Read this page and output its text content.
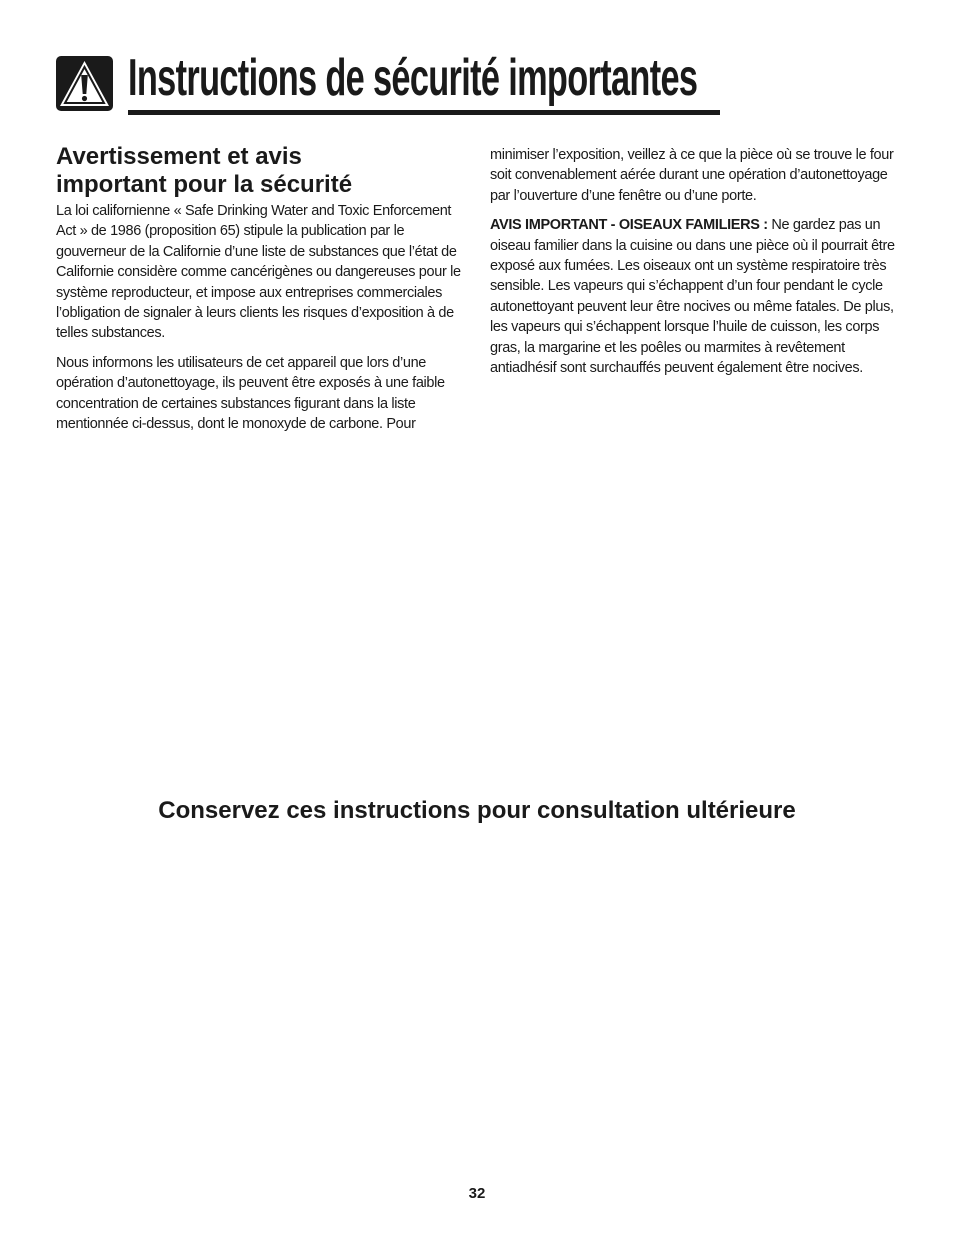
Instructions de sécurité importantes
Avertissement et avis
important pour la sécurité

La loi californienne « Safe Drinking Water and Toxic Enforcement Act » de 1986 (proposition 65) stipule la publication par le gouverneur de la Californie d’une liste de substances que l’état de Californie considère comme cancérigènes ou dangereuses pour le système reproducteur, et impose aux entreprises commerciales l’obligation de signaler à leurs clients les risques d’exposition à de telles substances.

Nous informons les utilisateurs de cet appareil que lors d’une opération d’autonettoyage, ils peuvent être exposés à une faible concentration de certaines substances figurant dans la liste mentionnée ci-dessus, dont le monoxyde de carbone. Pour

minimiser l’exposition, veillez à ce que la pièce où se trouve le four soit convenablement aérée durant une opération d’autonettoyage par l’ouverture d’une fenêtre ou d’une porte.

AVIS IMPORTANT - OISEAUX FAMILIERS : Ne gardez pas un oiseau familier dans la cuisine ou dans une pièce où il pourrait être exposé aux fumées. Les oiseaux ont un système respiratoire très sensible. Les vapeurs qui s’échappent d’un four pendant le cycle autonettoyant peuvent leur être nocives ou même fatales. De plus, les vapeurs qui s’échappent lorsque l’huile de cuisson, les corps gras, la margarine et les poêles ou marmites à revêtement antiadhésif sont surchauffés peuvent également être nocives.

Conservez ces instructions pour consultation ultérieure
32
